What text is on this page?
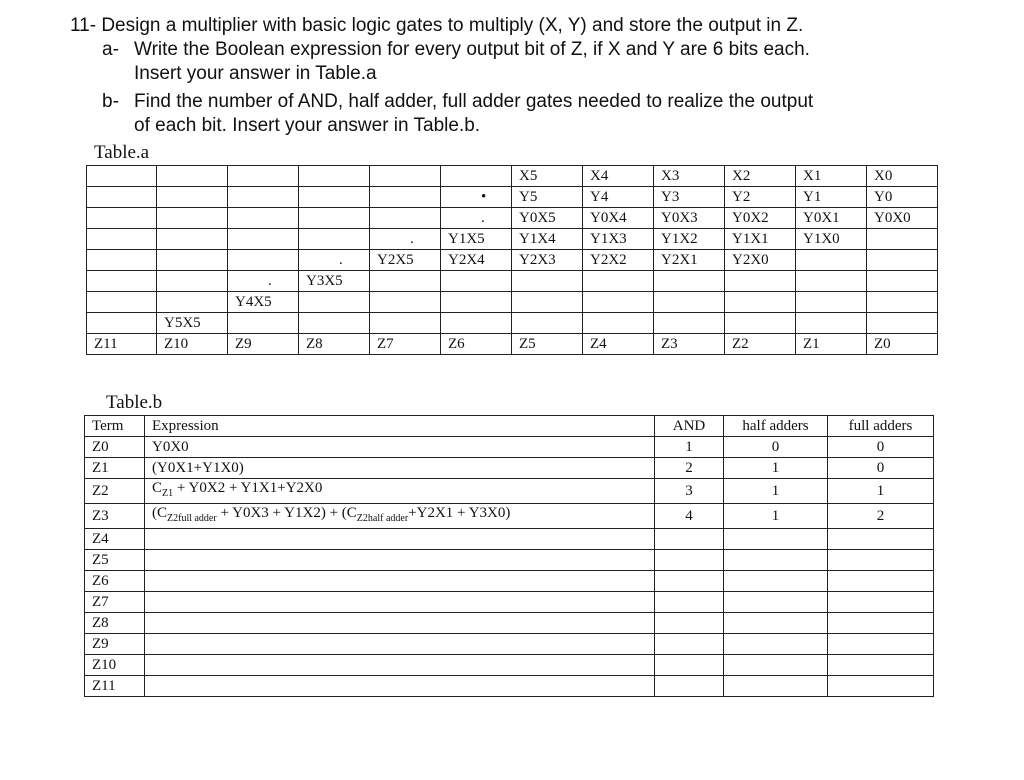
11- Design a multiplier with basic logic gates to multiply (X, Y) and store the output in Z.
a- Write the Boolean expression for every output bit of Z, if X and Y are 6 bits each.
Insert your answer in Table.a
b- Find the number of AND, half adder, full adder gates needed to realize the output
of each bit. Insert your answer in Table.b.
Table.a
						X5	X4	X3	X2	X1	X0
					•	Y5	Y4	Y3	Y2	Y1	Y0
					.	Y0X5	Y0X4	Y0X3	Y0X2	Y0X1	Y0X0
				.	Y1X5	Y1X4	Y1X3	Y1X2	Y1X1	Y1X0	
			.	Y2X5	Y2X4	Y2X3	Y2X2	Y2X1	Y2X0		
		.	Y3X5								
		Y4X5									
	Y5X5										
Z11	Z10	Z9	Z8	Z7	Z6	Z5	Z4	Z3	Z2	Z1	Z0
Table.b
Term	Expression	AND	half adders	full adders
Z0	Y0X0	1	0	0
Z1	(Y0X1+Y1X0)	2	1	0
Z2	$C_{Z1} + Y0X2 + Y1X1+Y2X0$	3	1	1
Z3	$(C_{Z2full adder} + Y0X3 + Y1X2) + (C_{Z2half adder}+Y2X1 + Y3X0)$	4	1	2
Z4				
Z5				
Z6				
Z7				
Z8				
Z9				
Z10				
Z11				
